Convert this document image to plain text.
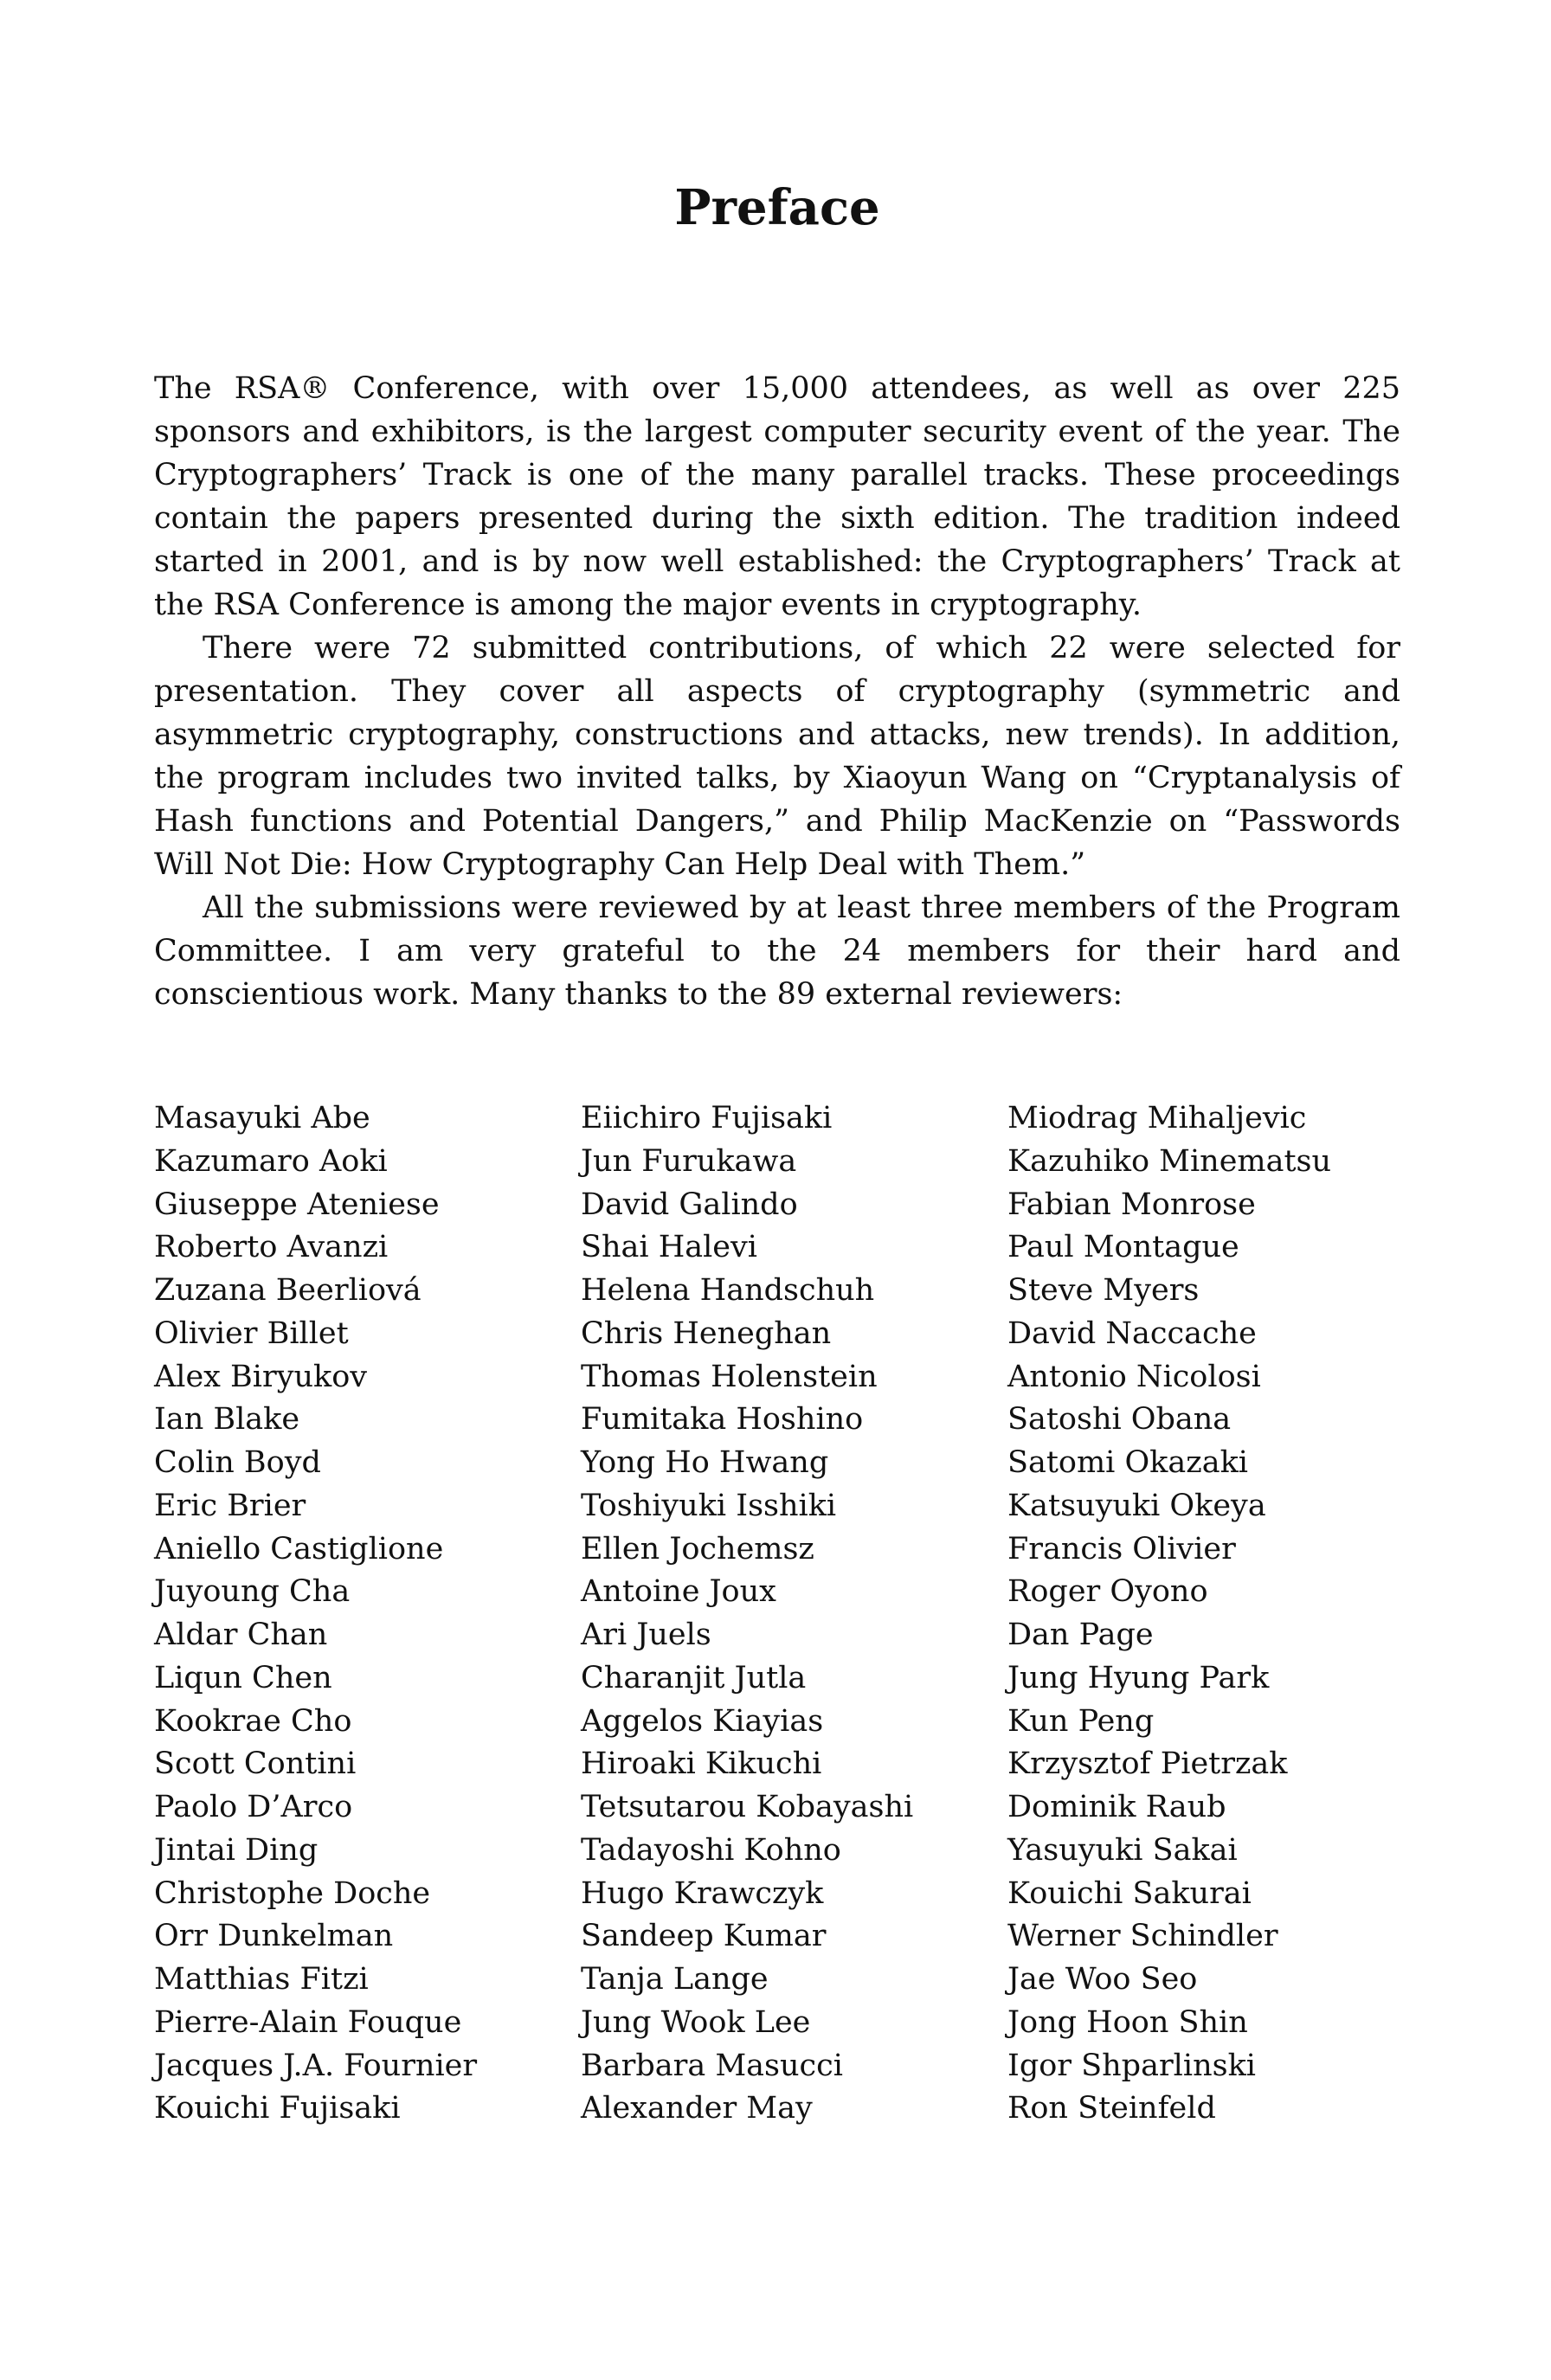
Preface

The RSA® Conference, with over 15,000 attendees, as well as over 225 sponsors and exhibitors, is the largest computer security event of the year. The Cryptographers’ Track is one of the many parallel tracks. These proceedings contain the papers presented during the sixth edition. The tradition indeed started in 2001, and is by now well established: the Cryptographers’ Track at the RSA Conference is among the major events in cryptography.

There were 72 submitted contributions, of which 22 were selected for presentation. They cover all aspects of cryptography (symmetric and asymmetric cryptography, constructions and attacks, new trends). In addition, the program includes two invited talks, by Xiaoyun Wang on “Cryptanalysis of Hash functions and Potential Dangers,” and Philip MacKenzie on “Passwords Will Not Die: How Cryptography Can Help Deal with Them.”

All the submissions were reviewed by at least three members of the Program Committee. I am very grateful to the 24 members for their hard and conscientious work. Many thanks to the 89 external reviewers:

Masayuki Abe
Kazumaro Aoki
Giuseppe Ateniese
Roberto Avanzi
Zuzana Beerliová
Olivier Billet
Alex Biryukov
Ian Blake
Colin Boyd
Eric Brier
Aniello Castiglione
Juyoung Cha
Aldar Chan
Liqun Chen
Kookrae Cho
Scott Contini
Paolo D’Arco
Jintai Ding
Christophe Doche
Orr Dunkelman
Matthias Fitzi
Pierre-Alain Fouque
Jacques J.A. Fournier
Kouichi Fujisaki
Eiichiro Fujisaki
Jun Furukawa
David Galindo
Shai Halevi
Helena Handschuh
Chris Heneghan
Thomas Holenstein
Fumitaka Hoshino
Yong Ho Hwang
Toshiyuki Isshiki
Ellen Jochemsz
Antoine Joux
Ari Juels
Charanjit Jutla
Aggelos Kiayias
Hiroaki Kikuchi
Tetsutarou Kobayashi
Tadayoshi Kohno
Hugo Krawczyk
Sandeep Kumar
Tanja Lange
Jung Wook Lee
Barbara Masucci
Alexander May
Miodrag Mihaljevic
Kazuhiko Minematsu
Fabian Monrose
Paul Montague
Steve Myers
David Naccache
Antonio Nicolosi
Satoshi Obana
Satomi Okazaki
Katsuyuki Okeya
Francis Olivier
Roger Oyono
Dan Page
Jung Hyung Park
Kun Peng
Krzysztof Pietrzak
Dominik Raub
Yasuyuki Sakai
Kouichi Sakurai
Werner Schindler
Jae Woo Seo
Jong Hoon Shin
Igor Shparlinski
Ron Steinfeld
